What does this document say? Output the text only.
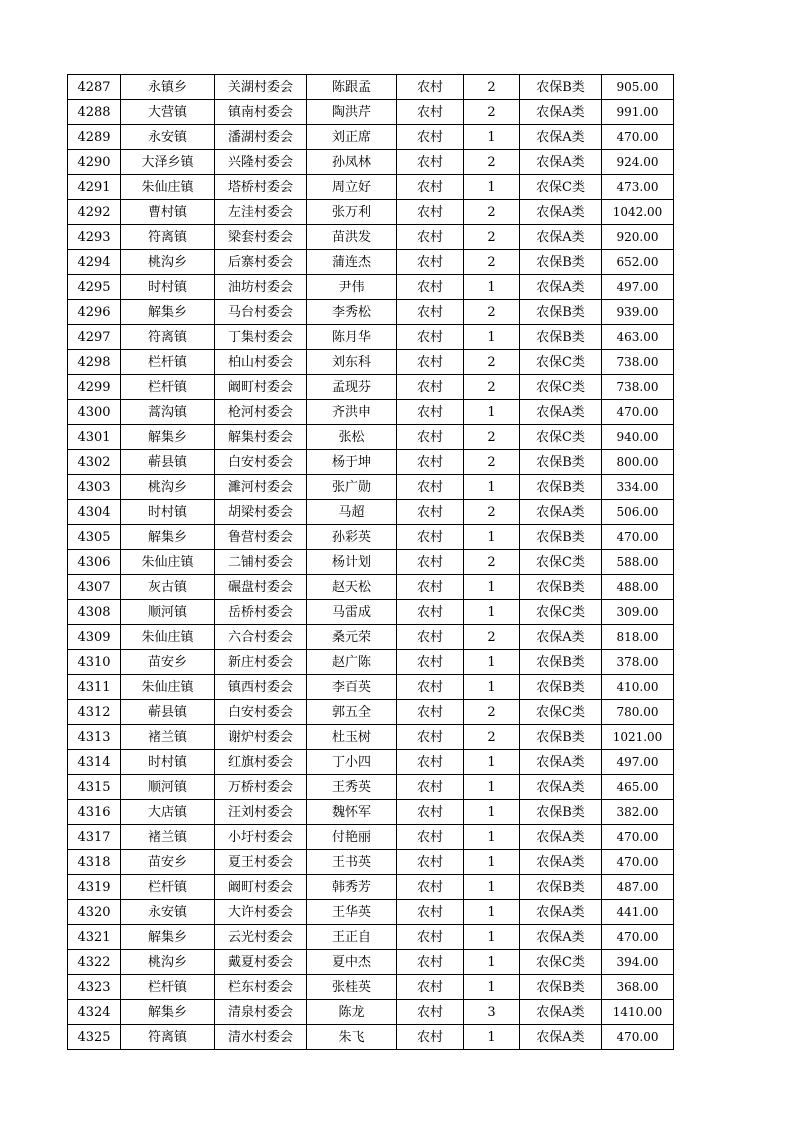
4287	永镇乡	关湖村委会	陈跟孟	农村	2	农保B类	905.00
4288	大营镇	镇南村委会	陶洪芹	农村	2	农保A类	991.00
4289	永安镇	潘湖村委会	刘正席	农村	1	农保A类	470.00
4290	大泽乡镇	兴隆村委会	孙凤林	农村	2	农保A类	924.00
4291	朱仙庄镇	塔桥村委会	周立好	农村	1	农保C类	473.00
4292	曹村镇	左洼村委会	张万利	农村	2	农保A类	1042.00
4293	符离镇	梁套村委会	苗洪发	农村	2	农保A类	920.00
4294	桃沟乡	后寨村委会	蒲连杰	农村	2	农保B类	652.00
4295	时村镇	油坊村委会	尹伟	农村	1	农保A类	497.00
4296	解集乡	马台村委会	李秀松	农村	2	农保B类	939.00
4297	符离镇	丁集村委会	陈月华	农村	1	农保B类	463.00
4298	栏杆镇	柏山村委会	刘东科	农村	2	农保C类	738.00
4299	栏杆镇	阚町村委会	孟现芬	农村	2	农保C类	738.00
4300	蒿沟镇	枪河村委会	齐洪申	农村	1	农保A类	470.00
4301	解集乡	解集村委会	张松	农村	2	农保C类	940.00
4302	蕲县镇	白安村委会	杨于坤	农村	2	农保B类	800.00
4303	桃沟乡	濉河村委会	张广勋	农村	1	农保B类	334.00
4304	时村镇	胡梁村委会	马超	农村	2	农保A类	506.00
4305	解集乡	鲁营村委会	孙彩英	农村	1	农保B类	470.00
4306	朱仙庄镇	二铺村委会	杨计划	农村	2	农保C类	588.00
4307	灰古镇	碾盘村委会	赵天松	农村	1	农保B类	488.00
4308	顺河镇	岳桥村委会	马雷成	农村	1	农保C类	309.00
4309	朱仙庄镇	六合村委会	桑元荣	农村	2	农保A类	818.00
4310	苗安乡	新庄村委会	赵广陈	农村	1	农保B类	378.00
4311	朱仙庄镇	镇西村委会	李百英	农村	1	农保B类	410.00
4312	蕲县镇	白安村委会	郭五全	农村	2	农保C类	780.00
4313	褚兰镇	谢炉村委会	杜玉树	农村	2	农保B类	1021.00
4314	时村镇	红旗村委会	丁小四	农村	1	农保A类	497.00
4315	顺河镇	万桥村委会	王秀英	农村	1	农保A类	465.00
4316	大店镇	汪刘村委会	魏怀军	农村	1	农保B类	382.00
4317	褚兰镇	小圩村委会	付艳丽	农村	1	农保A类	470.00
4318	苗安乡	夏王村委会	王书英	农村	1	农保A类	470.00
4319	栏杆镇	阚町村委会	韩秀芳	农村	1	农保B类	487.00
4320	永安镇	大许村委会	王华英	农村	1	农保A类	441.00
4321	解集乡	云光村委会	王正自	农村	1	农保A类	470.00
4322	桃沟乡	戴夏村委会	夏中杰	农村	1	农保C类	394.00
4323	栏杆镇	栏东村委会	张桂英	农村	1	农保B类	368.00
4324	解集乡	清泉村委会	陈龙	农村	3	农保A类	1410.00
4325	符离镇	清水村委会	朱飞	农村	1	农保A类	470.00
